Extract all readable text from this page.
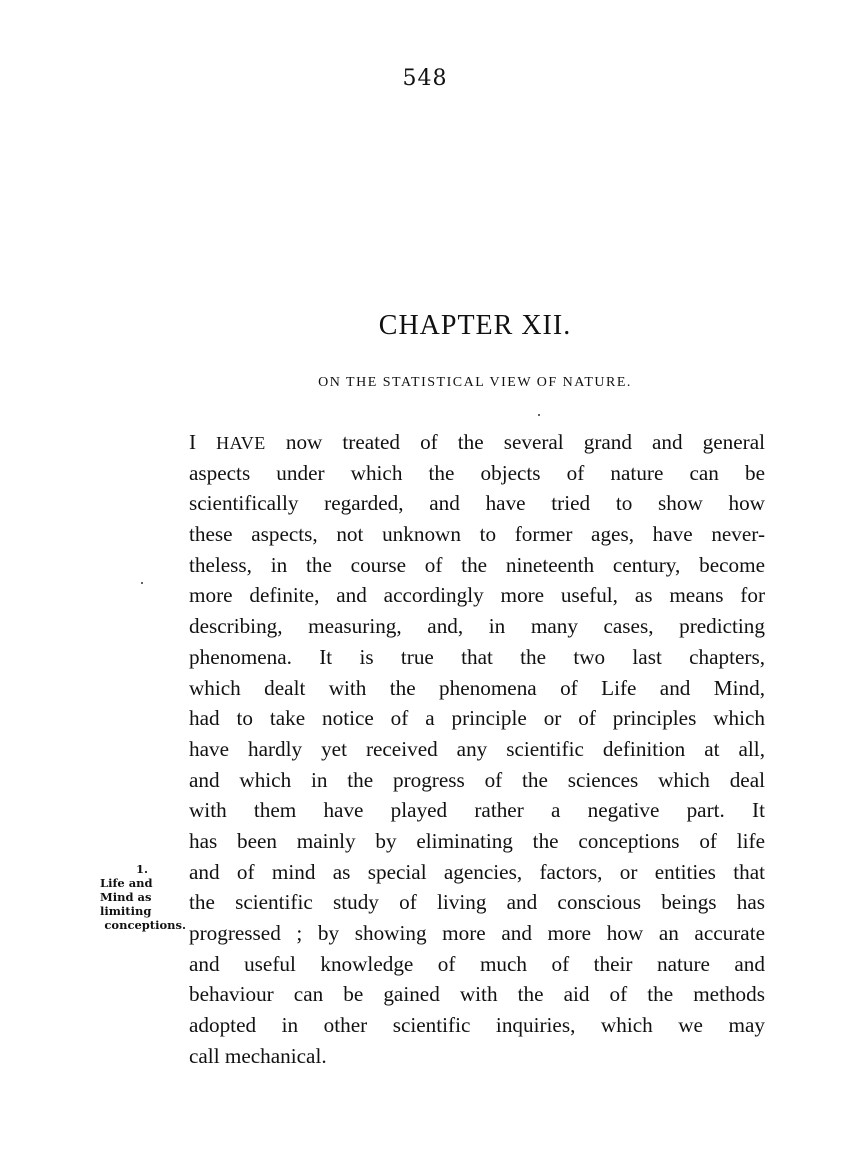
548
CHAPTER XII.
ON THE STATISTICAL VIEW OF NATURE.
I HAVE now treated of the several grand and general
aspects under which the objects of nature can be
scientifically regarded, and have tried to show how
these aspects, not unknown to former ages, have never-
theless, in the course of the nineteenth century, become
more definite, and accordingly more useful, as means for
describing, measuring, and, in many cases, predicting
phenomena. It is true that the two last chapters,
which dealt with the phenomena of Life and Mind,
had to take notice of a principle or of principles which
have hardly yet received any scientific definition at all,
and which in the progress of the sciences which deal
with them have played rather a negative part. It
has been mainly by eliminating the conceptions of life
and of mind as special agencies, factors, or entities that
the scientific study of living and conscious beings has
progressed ; by showing more and more how an accurate
and useful knowledge of much of their nature and
behaviour can be gained with the aid of the methods
adopted in other scientific inquiries, which we may
call mechanical.
1.
Life and
Mind as
limiting
conceptions.
